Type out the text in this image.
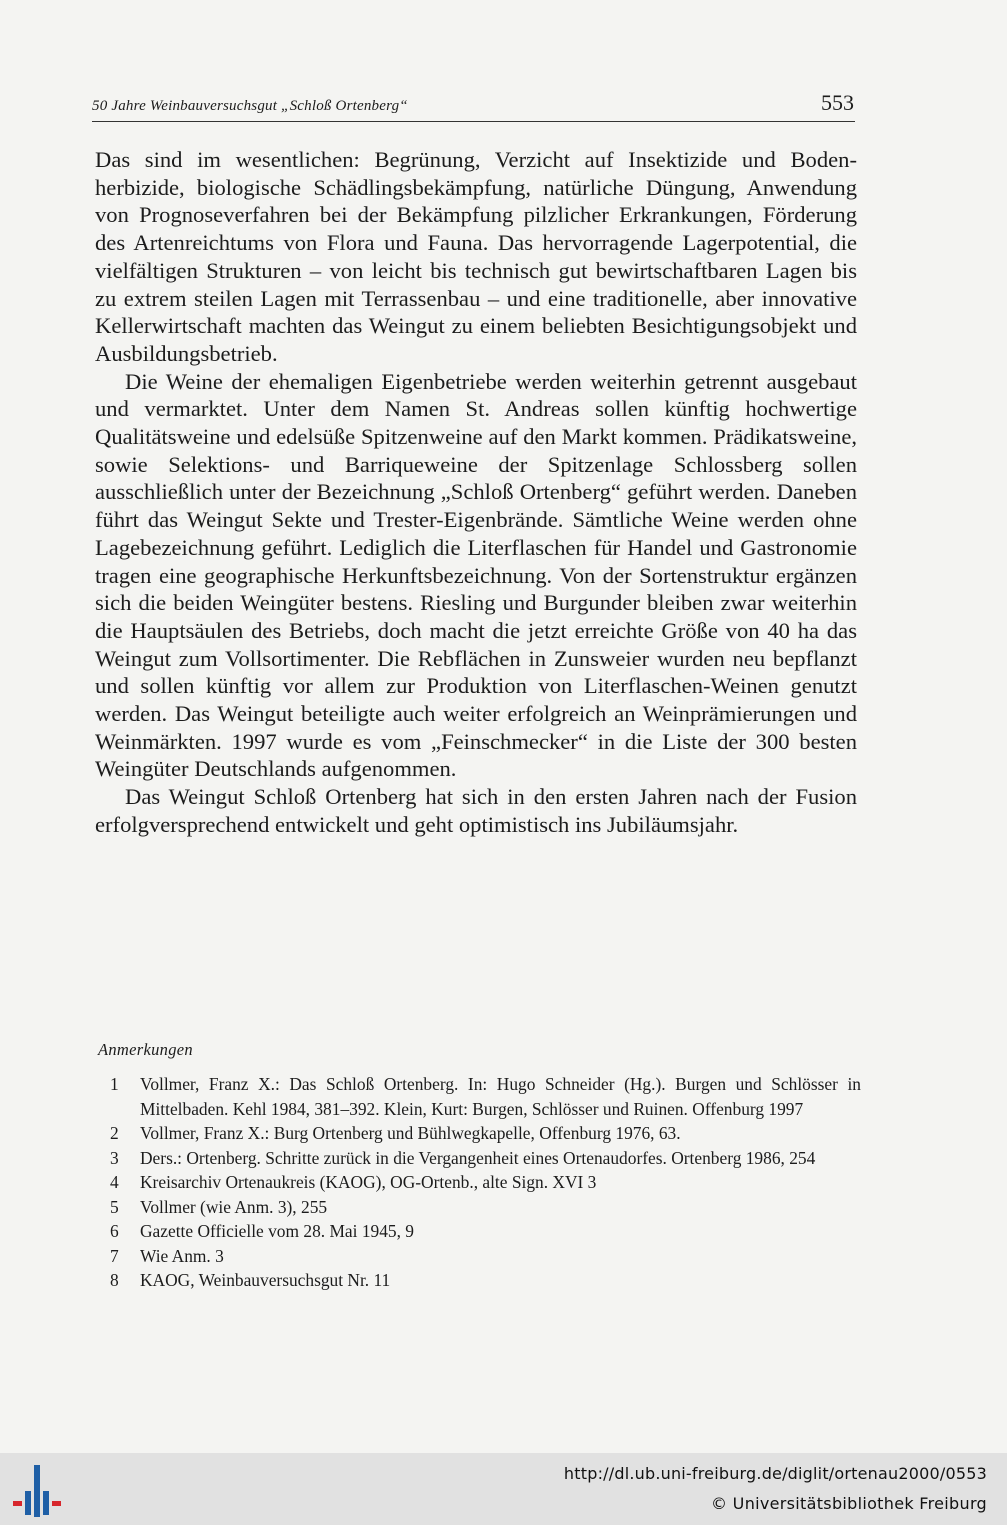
50 Jahre Weinbauversuchsgut „Schloß Ortenberg“	553

Das sind im wesentlichen: Begrünung, Verzicht auf Insektizide und Bodenherbizide, biologische Schädlingsbekämpfung, natürliche Düngung, Anwendung von Prognoseverfahren bei der Bekämpfung pilzlicher Erkrankungen, Förderung des Artenreichtums von Flora und Fauna. Das hervorragende Lagerpotential, die vielfältigen Strukturen – von leicht bis technisch gut bewirtschaftbaren Lagen bis zu extrem steilen Lagen mit Terrassenbau – und eine traditionelle, aber innovative Kellerwirtschaft machten das Weingut zu einem beliebten Besichtigungsobjekt und Ausbildungsbetrieb.

Die Weine der ehemaligen Eigenbetriebe werden weiterhin getrennt ausgebaut und vermarktet. Unter dem Namen St. Andreas sollen künftig hochwertige Qualitätsweine und edelsüße Spitzenweine auf den Markt kommen. Prädikatsweine, sowie Selektions- und Barriqueweine der Spitzenlage Schlossberg sollen ausschließlich unter der Bezeichnung „Schloß Ortenberg“ geführt werden. Daneben führt das Weingut Sekte und Trester-Eigenbrände. Sämtliche Weine werden ohne Lagebezeichnung geführt. Lediglich die Literflaschen für Handel und Gastronomie tragen eine geographische Herkunftsbezeichnung. Von der Sortenstruktur ergänzen sich die beiden Weingüter bestens. Riesling und Burgunder bleiben zwar weiterhin die Hauptsäulen des Betriebs, doch macht die jetzt erreichte Größe von 40 ha das Weingut zum Vollsortimenter. Die Rebflächen in Zunsweier wurden neu bepflanzt und sollen künftig vor allem zur Produktion von Literflaschen-Weinen genutzt werden. Das Weingut beteiligte auch weiter erfolgreich an Weinprämierungen und Weinmärkten. 1997 wurde es vom „Feinschmecker“ in die Liste der 300 besten Weingüter Deutschlands aufgenommen.

Das Weingut Schloß Ortenberg hat sich in den ersten Jahren nach der Fusion erfolgversprechend entwickelt und geht optimistisch ins Jubiläumsjahr.

Anmerkungen
1	Vollmer, Franz X.: Das Schloß Ortenberg. In: Hugo Schneider (Hg.). Burgen und Schlösser in Mittelbaden. Kehl 1984, 381–392. Klein, Kurt: Burgen, Schlösser und Ruinen. Offenburg 1997
2	Vollmer, Franz X.: Burg Ortenberg und Bühlwegkapelle, Offenburg 1976, 63.
3	Ders.: Ortenberg. Schritte zurück in die Vergangenheit eines Ortenaudorfes. Ortenberg 1986, 254
4	Kreisarchiv Ortenaukreis (KAOG), OG-Ortenb., alte Sign. XVI 3
5	Vollmer (wie Anm. 3), 255
6	Gazette Officielle vom 28. Mai 1945, 9
7	Wie Anm. 3
8	KAOG, Weinbauversuchsgut Nr. 11
http://dl.ub.uni-freiburg.de/diglit/ortenau2000/0553
© Universitätsbibliothek Freiburg
